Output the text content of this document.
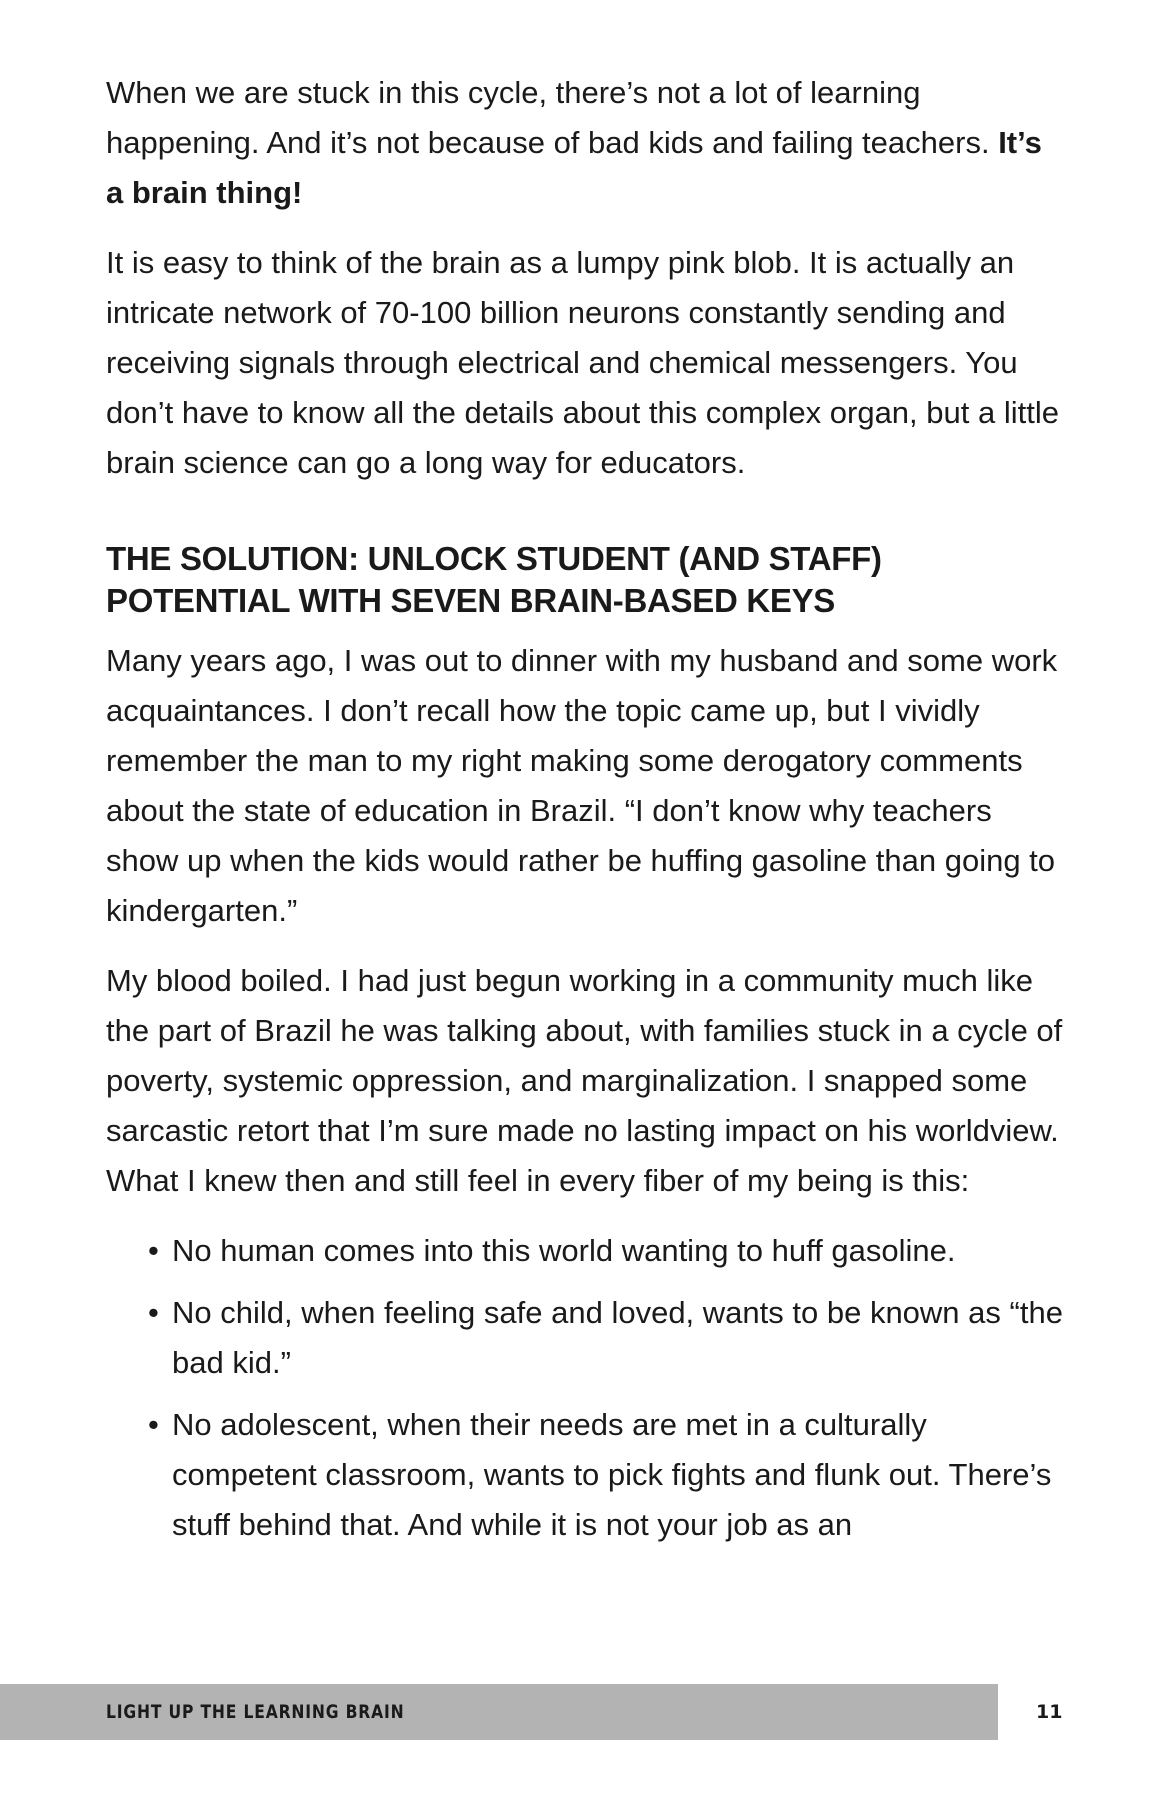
When we are stuck in this cycle, there’s not a lot of learning happening. And it’s not because of bad kids and failing teachers. It’s a brain thing!

It is easy to think of the brain as a lumpy pink blob. It is actually an intricate network of 70-100 billion neurons constantly sending and receiving signals through electrical and chemical messengers. You don’t have to know all the details about this complex organ, but a little brain science can go a long way for educators.

THE SOLUTION: UNLOCK STUDENT (AND STAFF) POTENTIAL WITH SEVEN BRAIN-BASED KEYS

Many years ago, I was out to dinner with my husband and some work acquaintances. I don’t recall how the topic came up, but I vividly remember the man to my right making some derogatory comments about the state of education in Brazil. “I don’t know why teachers show up when the kids would rather be huffing gasoline than going to kindergarten.”

My blood boiled. I had just begun working in a community much like the part of Brazil he was talking about, with families stuck in a cycle of poverty, systemic oppression, and marginalization. I snapped some sarcastic retort that I’m sure made no lasting impact on his worldview. What I knew then and still feel in every fiber of my being is this:

• No human comes into this world wanting to huff gasoline.
• No child, when feeling safe and loved, wants to be known as “the bad kid.”
• No adolescent, when their needs are met in a culturally competent classroom, wants to pick fights and flunk out. There’s stuff behind that. And while it is not your job as an
LIGHT UP THE LEARNING BRAIN	11
